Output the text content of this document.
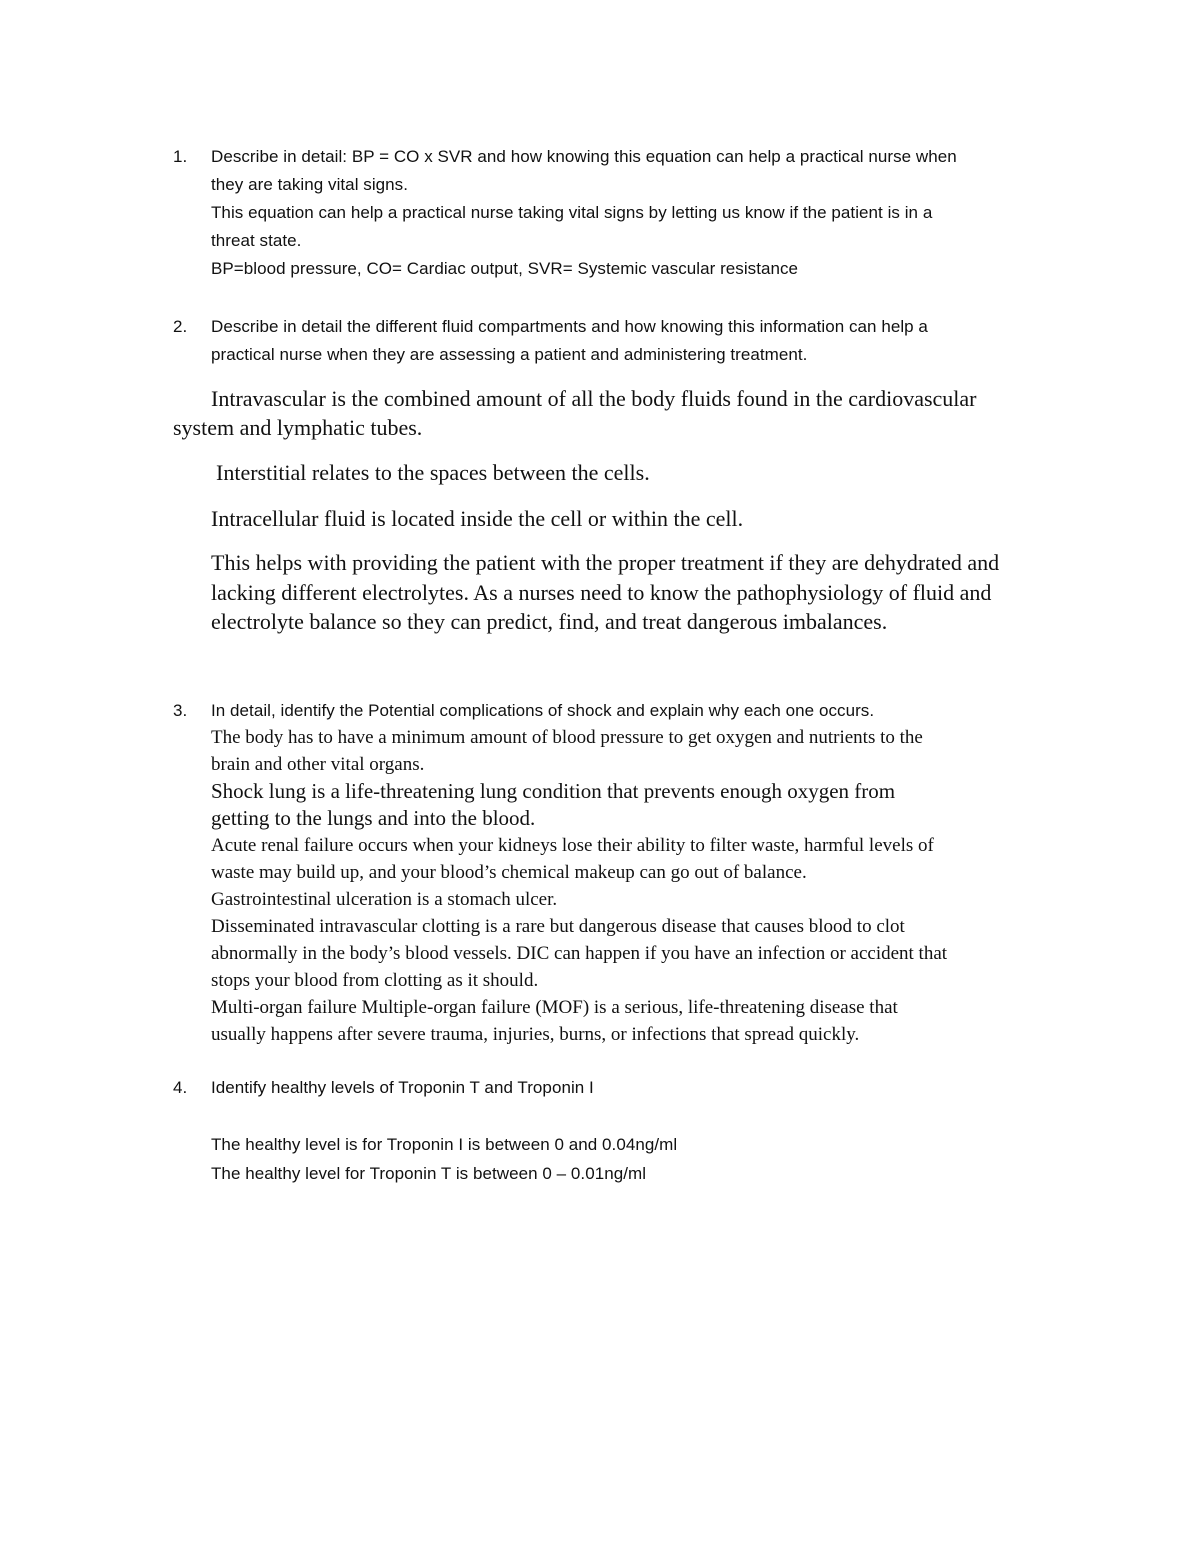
1. Describe in detail: BP = CO x SVR and how knowing this equation can help a practical nurse when
they are taking vital signs.
This equation can help a practical nurse taking vital signs by letting us know if the patient is in a
threat state.
BP=blood pressure, CO= Cardiac output, SVR= Systemic vascular resistance
2. Describe in detail the different fluid compartments and how knowing this information can help a
practical nurse when they are assessing a patient and administering treatment.
Intravascular is the combined amount of all the body fluids found in the cardiovascular
system and lymphatic tubes.
Interstitial relates to the spaces between the cells.
Intracellular fluid is located inside the cell or within the cell.
This helps with providing the patient with the proper treatment if they are dehydrated and
lacking different electrolytes. As a nurses need to know the pathophysiology of fluid and
electrolyte balance so they can predict, find, and treat dangerous imbalances.
3. In detail, identify the Potential complications of shock and explain why each one occurs.
The body has to have a minimum amount of blood pressure to get oxygen and nutrients to the
brain and other vital organs.
Shock lung is a life-threatening lung condition that prevents enough oxygen from
getting to the lungs and into the blood.
Acute renal failure occurs when your kidneys lose their ability to filter waste, harmful levels of
waste may build up, and your blood’s chemical makeup can go out of balance.
Gastrointestinal ulceration is a stomach ulcer.
Disseminated intravascular clotting is a rare but dangerous disease that causes blood to clot
abnormally in the body’s blood vessels. DIC can happen if you have an infection or accident that
stops your blood from clotting as it should.
Multi-organ failure Multiple-organ failure (MOF) is a serious, life-threatening disease that
usually happens after severe trauma, injuries, burns, or infections that spread quickly.
4. Identify healthy levels of Troponin T and Troponin I
The healthy level is for Troponin I is between 0 and 0.04ng/ml
The healthy level for Troponin T is between 0 – 0.01ng/ml
